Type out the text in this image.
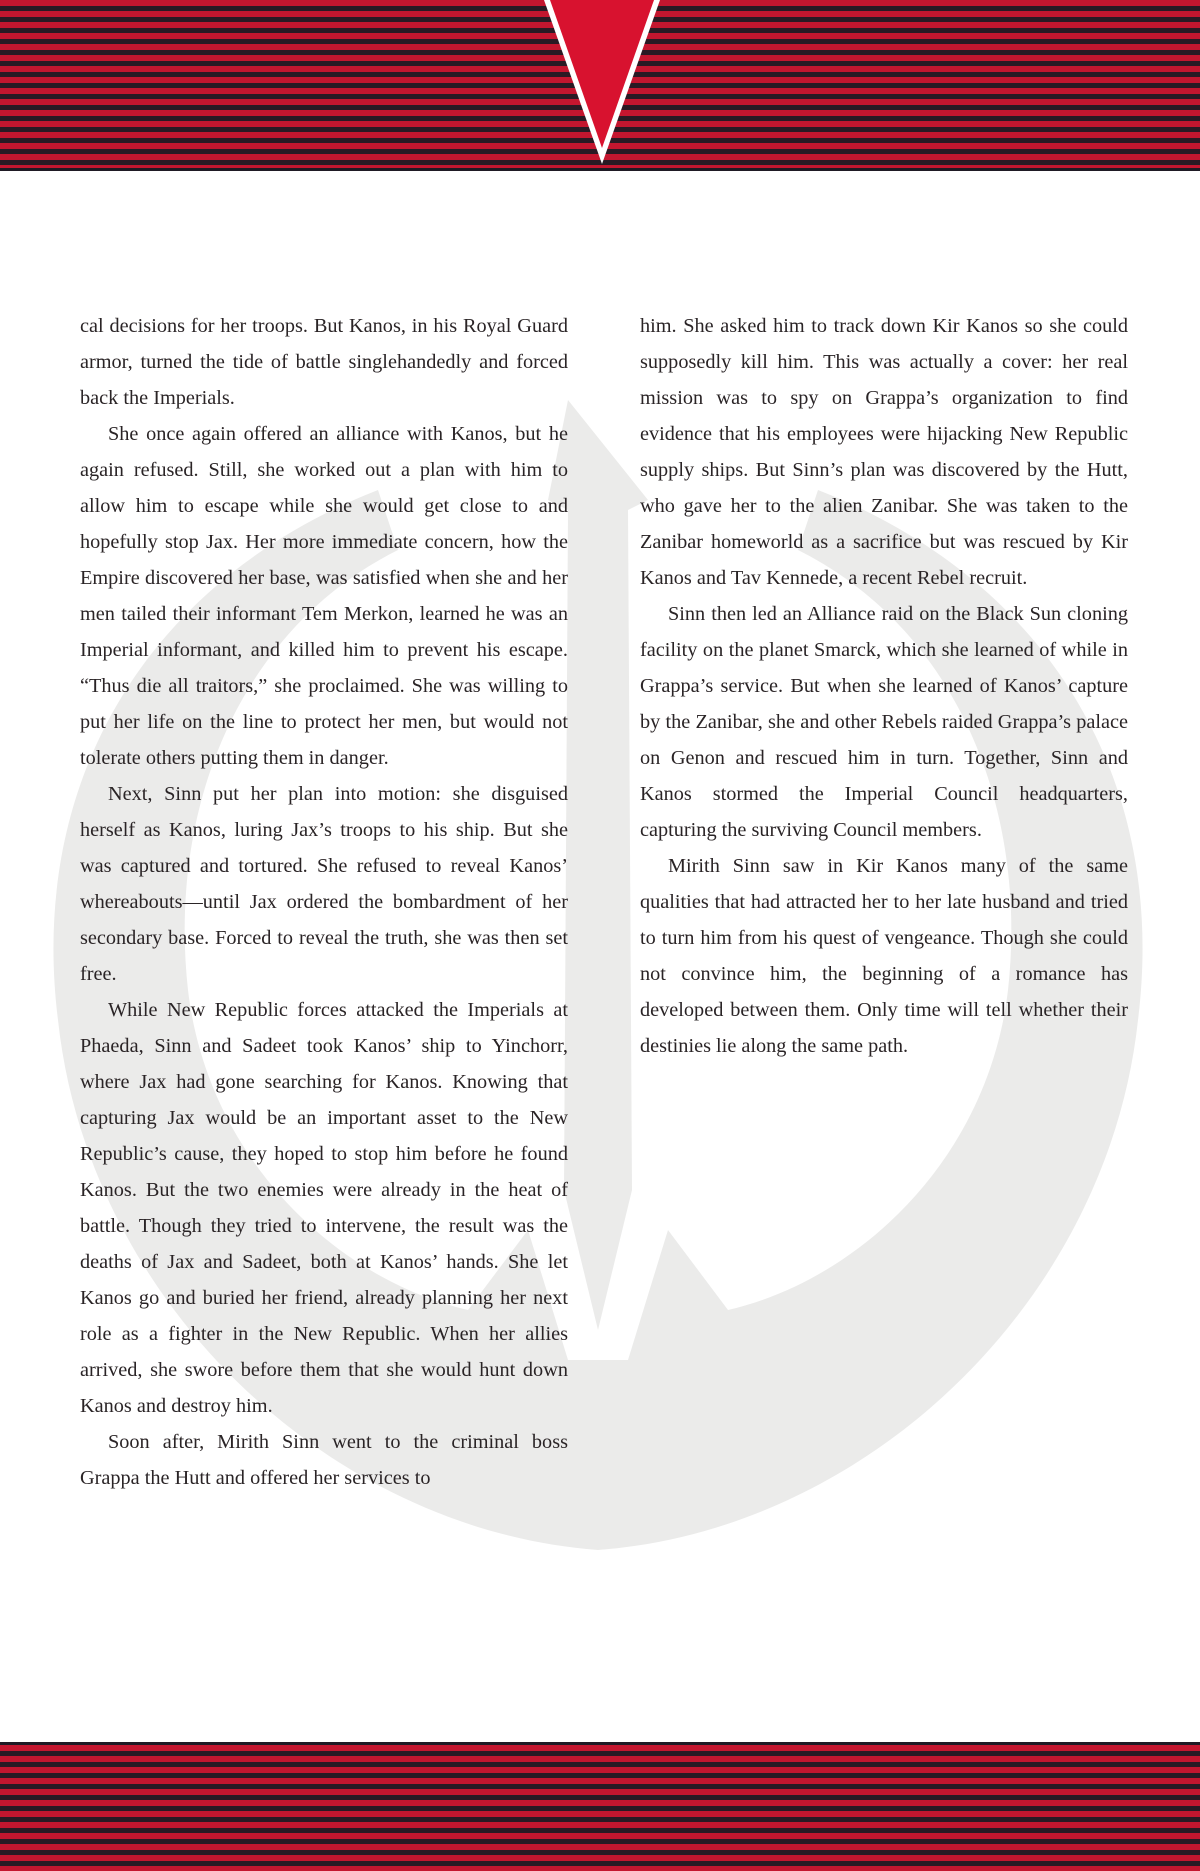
cal decisions for her troops. But Kanos, in his Royal Guard armor, turned the tide of battle singlehandedly and forced back the Imperials.

She once again offered an alliance with Kanos, but he again refused. Still, she worked out a plan with him to allow him to escape while she would get close to and hopefully stop Jax. Her more immediate concern, how the Empire discovered her base, was satisfied when she and her men tailed their informant Tem Merkon, learned he was an Imperial informant, and killed him to prevent his escape. “Thus die all traitors,” she proclaimed. She was willing to put her life on the line to protect her men, but would not tolerate others putting them in danger.

Next, Sinn put her plan into motion: she disguised herself as Kanos, luring Jax’s troops to his ship. But she was captured and tortured. She refused to reveal Kanos’ whereabouts—until Jax ordered the bombardment of her secondary base. Forced to reveal the truth, she was then set free.

While New Republic forces attacked the Imperials at Phaeda, Sinn and Sadeet took Kanos’ ship to Yinchorr, where Jax had gone searching for Kanos. Knowing that capturing Jax would be an important asset to the New Republic’s cause, they hoped to stop him before he found Kanos. But the two enemies were already in the heat of battle. Though they tried to intervene, the result was the deaths of Jax and Sadeet, both at Kanos’ hands. She let Kanos go and buried her friend, already planning her next role as a fighter in the New Republic. When her allies arrived, she swore before them that she would hunt down Kanos and destroy him.

Soon after, Mirith Sinn went to the criminal boss Grappa the Hutt and offered her services to

him. She asked him to track down Kir Kanos so she could supposedly kill him. This was actually a cover: her real mission was to spy on Grappa’s organization to find evidence that his employees were hijacking New Republic supply ships. But Sinn’s plan was discovered by the Hutt, who gave her to the alien Zanibar. She was taken to the Zanibar homeworld as a sacrifice but was rescued by Kir Kanos and Tav Kennede, a recent Rebel recruit.

Sinn then led an Alliance raid on the Black Sun cloning facility on the planet Smarck, which she learned of while in Grappa’s service. But when she learned of Kanos’ capture by the Zanibar, she and other Rebels raided Grappa’s palace on Genon and rescued him in turn. Together, Sinn and Kanos stormed the Imperial Council headquarters, capturing the surviving Council members.

Mirith Sinn saw in Kir Kanos many of the same qualities that had attracted her to her late husband and tried to turn him from his quest of vengeance. Though she could not convince him, the beginning of a romance has developed between them. Only time will tell whether their destinies lie along the same path.
